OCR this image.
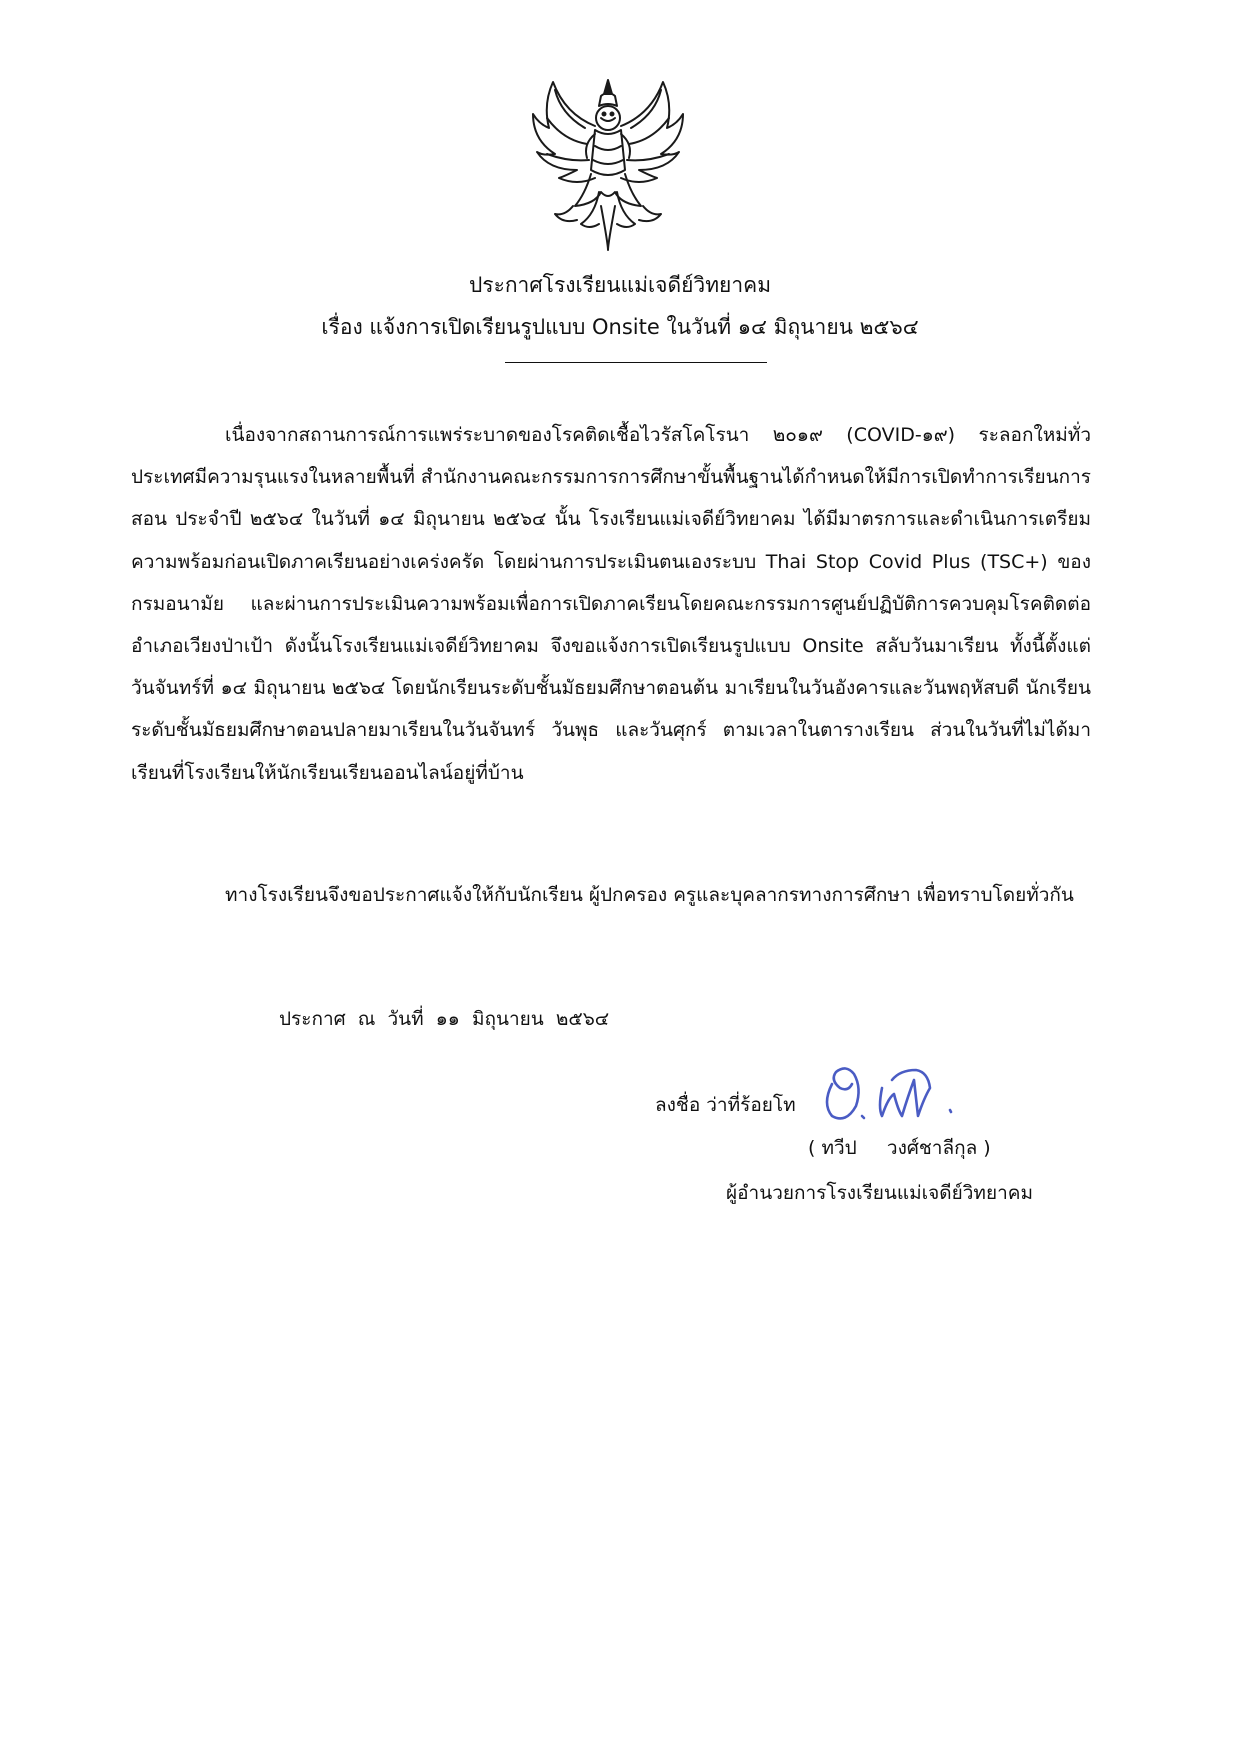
ประกาศโรงเรียนแม่เจดีย์วิทยาคม
เรื่อง แจ้งการเปิดเรียนรูปแบบ Onsite ในวันที่ ๑๔ มิถุนายน ๒๕๖๔

เนื่องจากสถานการณ์การแพร่ระบาดของโรคติดเชื้อไวรัสโคโรนา ๒๐๑๙ (COVID-๑๙) ระลอกใหม่ทั่วประเทศมีความรุนแรงในหลายพื้นที่ สำนักงานคณะกรรมการการศึกษาขั้นพื้นฐานได้กำหนดให้มีการเปิดทำการเรียนการสอน ประจำปี ๒๕๖๔ ในวันที่ ๑๔ มิถุนายน ๒๕๖๔ นั้น โรงเรียนแม่เจดีย์วิทยาคม ได้มีมาตรการและดำเนินการเตรียมความพร้อมก่อนเปิดภาคเรียนอย่างเคร่งครัด โดยผ่านการประเมินตนเองระบบ Thai Stop Covid Plus (TSC+) ของกรมอนามัย และผ่านการประเมินความพร้อมเพื่อการเปิดภาคเรียนโดยคณะกรรมการศูนย์ปฏิบัติการควบคุมโรคติดต่ออำเภอเวียงป่าเป้า ดังนั้นโรงเรียนแม่เจดีย์วิทยาคม จึงขอแจ้งการเปิดเรียนรูปแบบ Onsite สลับวันมาเรียน ทั้งนี้ตั้งแต่ วันจันทร์ที่ ๑๔ มิถุนายน ๒๕๖๔ โดยนักเรียนระดับชั้นมัธยมศึกษาตอนต้น มาเรียนในวันอังคารและวันพฤหัสบดี นักเรียนระดับชั้นมัธยมศึกษาตอนปลายมาเรียนในวันจันทร์ วันพุธ และวันศุกร์ ตามเวลาในตารางเรียน ส่วนในวันที่ไม่ได้มาเรียนที่โรงเรียนให้นักเรียนเรียนออนไลน์อยู่ที่บ้าน

ทางโรงเรียนจึงขอประกาศแจ้งให้กับนักเรียน ผู้ปกครอง ครูและบุคลากรทางการศึกษา เพื่อทราบโดยทั่วกัน

ประกาศ  ณ  วันที่  ๑๑  มิถุนายน  ๒๕๖๔
ลงชื่อ ว่าที่ร้อยโท
( ทวีป     วงศ์ชาลีกุล )
ผู้อำนวยการโรงเรียนแม่เจดีย์วิทยาคม
